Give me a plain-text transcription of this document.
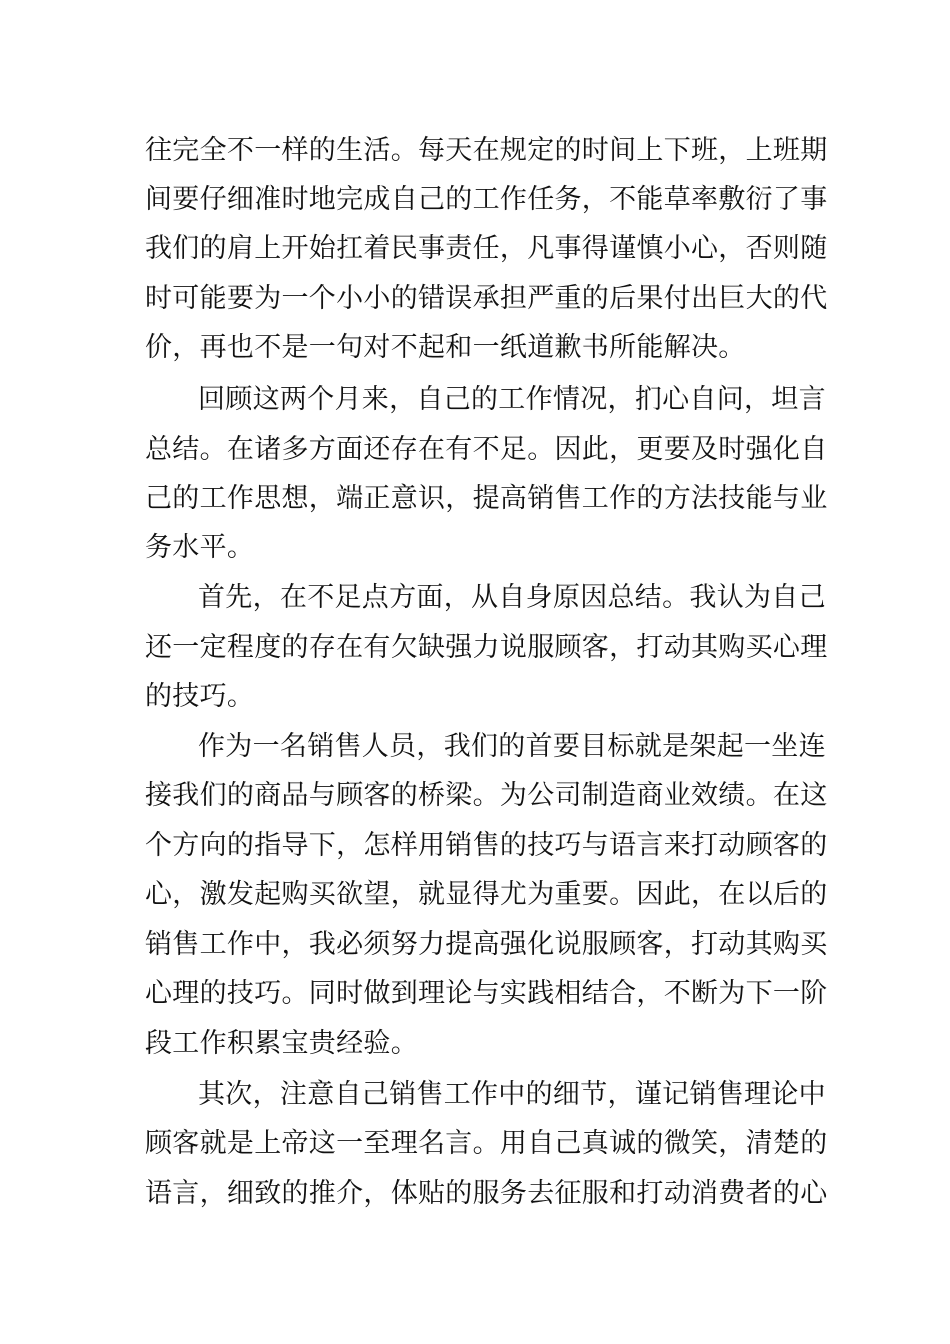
往完全不一样的生活。每天在规定的时间上下班，上班期
间要仔细准时地完成自己的工作任务，不能草率敷衍了事
我们的肩上开始扛着民事责任，凡事得谨慎小心，否则随
时可能要为一个小小的错误承担严重的后果付出巨大的代
价，再也不是一句对不起和一纸道歉书所能解决。
回顾这两个月来，自己的工作情况，扪心自问，坦言
总结。在诸多方面还存在有不足。因此，更要及时强化自
己的工作思想，端正意识，提高销售工作的方法技能与业
务水平。
首先，在不足点方面，从自身原因总结。我认为自己
还一定程度的存在有欠缺强力说服顾客，打动其购买心理
的技巧。
作为一名销售人员，我们的首要目标就是架起一坐连
接我们的商品与顾客的桥梁。为公司制造商业效绩。在这
个方向的指导下，怎样用销售的技巧与语言来打动顾客的
心，激发起购买欲望，就显得尤为重要。因此，在以后的
销售工作中，我必须努力提高强化说服顾客，打动其购买
心理的技巧。同时做到理论与实践相结合，不断为下一阶
段工作积累宝贵经验。
其次，注意自己销售工作中的细节，谨记销售理论中
顾客就是上帝这一至理名言。用自己真诚的微笑，清楚的
语言，细致的推介，体贴的服务去征服和打动消费者的心
